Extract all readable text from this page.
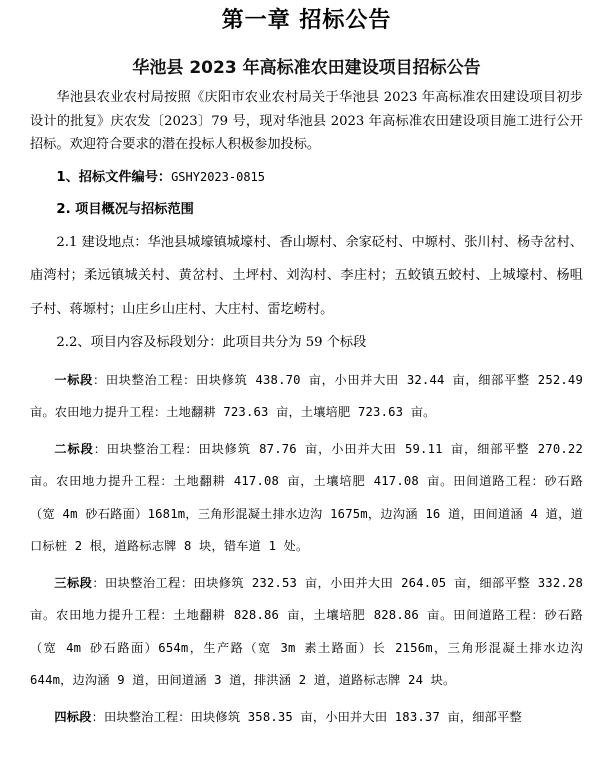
第一章 招标公告
华池县 2023 年高标准农田建设项目招标公告

华池县农业农村局按照《庆阳市农业农村局关于华池县 2023 年高标准农田建设项目初步设计的批复》庆农发〔2023〕79 号，现对华池县 2023 年高标准农田建设项目施工进行公开招标。欢迎符合要求的潜在投标人积极参加投标。

1、招标文件编号：GSHY2023-0815
2. 项目概况与招标范围

2.1 建设地点：华池县城壕镇城壕村、香山塬村、余家砭村、中塬村、张川村、杨寺岔村、庙湾村；柔远镇城关村、黄岔村、土坪村、刘沟村、李庄村；五蛟镇五蛟村、上城壕村、杨咀子村、蒋塬村；山庄乡山庄村、大庄村、雷圪崂村。

2.2、项目内容及标段划分：此项目共分为 59 个标段

一标段：田块整治工程：田块修筑 438.70 亩，小田并大田 32.44 亩，细部平整 252.49 亩。农田地力提升工程：土地翻耕 723.63 亩，土壤培肥 723.63 亩。

二标段：田块整治工程：田块修筑 87.76 亩，小田并大田 59.11 亩，细部平整 270.22 亩。农田地力提升工程：土地翻耕 417.08 亩，土壤培肥 417.08 亩。田间道路工程：砂石路（宽 4m 砂石路面）1681m，三角形混凝土排水边沟 1675m，边沟涵 16 道，田间道涵 4 道，道口标桩 2 根，道路标志牌 8 块，错车道 1 处。

三标段：田块整治工程：田块修筑 232.53 亩，小田并大田 264.05 亩，细部平整 332.28 亩。农田地力提升工程：土地翻耕 828.86 亩，土壤培肥 828.86 亩。田间道路工程：砂石路（宽 4m 砂石路面）654m，生产路（宽 3m 素土路面）长 2156m，三角形混凝土排水边沟 644m，边沟涵 9 道，田间道涵 3 道，排洪涵 2 道，道路标志牌 24 块。

四标段：田块整治工程：田块修筑 358.35 亩，小田并大田 183.37 亩，细部平整
